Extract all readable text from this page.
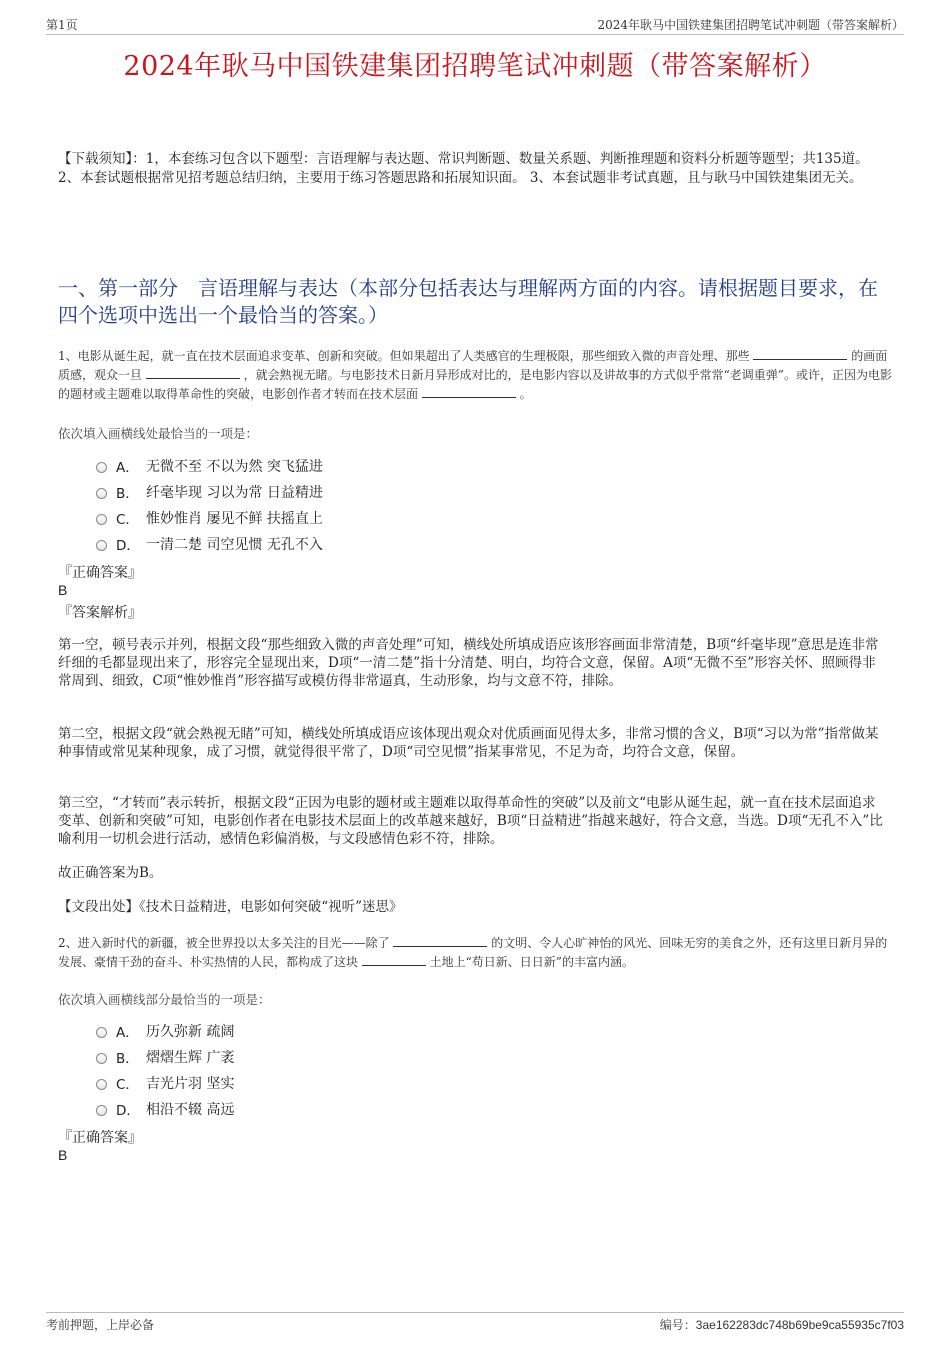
第1页	2024年耿马中国铁建集团招聘笔试冲刺题（带答案解析）
2024年耿马中国铁建集团招聘笔试冲刺题（带答案解析）
【下载须知】：1，本套练习包含以下题型：言语理解与表达题、常识判断题、数量关系题、判断推理题和资料分析题等题型；共135道。 2、本套试题根据常见招考题总结归纳，主要用于练习答题思路和拓展知识面。 3、本套试题非考试真题，且与耿马中国铁建集团无关。
一、第一部分　言语理解与表达（本部分包括表达与理解两方面的内容。请根据题目要求，在四个选项中选出一个最恰当的答案。）
1、电影从诞生起，就一直在技术层面追求变革、创新和突破。但如果超出了人类感官的生理极限，那些细致入微的声音处理、那些	的画面质感，观众一旦	，就会熟视无睹。与电影技术日新月异形成对比的，是电影内容以及讲故事的方式似乎常常“老调重弹”。或许，正因为电影的题材或主题难以取得革命性的突破，电影创作者才转而在技术层面	。
依次填入画横线处最恰当的一项是：
A． 无微不至 不以为然 突飞猛进
B． 纤毫毕现 习以为常 日益精进
C． 惟妙惟肖 屡见不鲜 扶摇直上
D． 一清二楚 司空见惯 无孔不入
『正确答案』
B
『答案解析』
第一空，顿号表示并列，根据文段“那些细致入微的声音处理”可知，横线处所填成语应该形容画面非常清楚，B项“纤毫毕现”意思是连非常纤细的毛都显现出来了，形容完全显现出来，D项“一清二楚”指十分清楚、明白，均符合文意，保留。A项“无微不至”形容关怀、照顾得非常周到、细致，C项“惟妙惟肖”形容描写或模仿得非常逼真，生动形象，均与文意不符，排除。
第二空，根据文段“就会熟视无睹”可知，横线处所填成语应该体现出观众对优质画面见得太多，非常习惯的含义，B项“习以为常”指常做某种事情或常见某种现象，成了习惯，就觉得很平常了，D项“司空见惯”指某事常见，不足为奇，均符合文意，保留。
第三空，“才转而”表示转折，根据文段“正因为电影的题材或主题难以取得革命性的突破”以及前文“电影从诞生起，就一直在技术层面追求变革、创新和突破”可知，电影创作者在电影技术层面上的改革越来越好，B项“日益精进”指越来越好，符合文意，当选。D项“无孔不入”比喻利用一切机会进行活动，感情色彩偏消极，与文段感情色彩不符，排除。
故正确答案为B。
【文段出处】《技术日益精进，电影如何突破“视听”迷思》
2、进入新时代的新疆，被全世界投以太多关注的目光——除了	的文明、令人心旷神怡的风光、回味无穷的美食之外，还有这里日新月异的发展、豪情干劲的奋斗、朴实热情的人民，都构成了这块	土地上“苟日新、日日新”的丰富内涵。
依次填入画横线部分最恰当的一项是：
A． 历久弥新 疏阔
B． 熠熠生辉 广袤
C． 吉光片羽 坚实
D． 相沿不辍 高远
『正确答案』
B
考前押题，上岸必备	编号：3ae162283dc748b69be9ca55935c7f03
